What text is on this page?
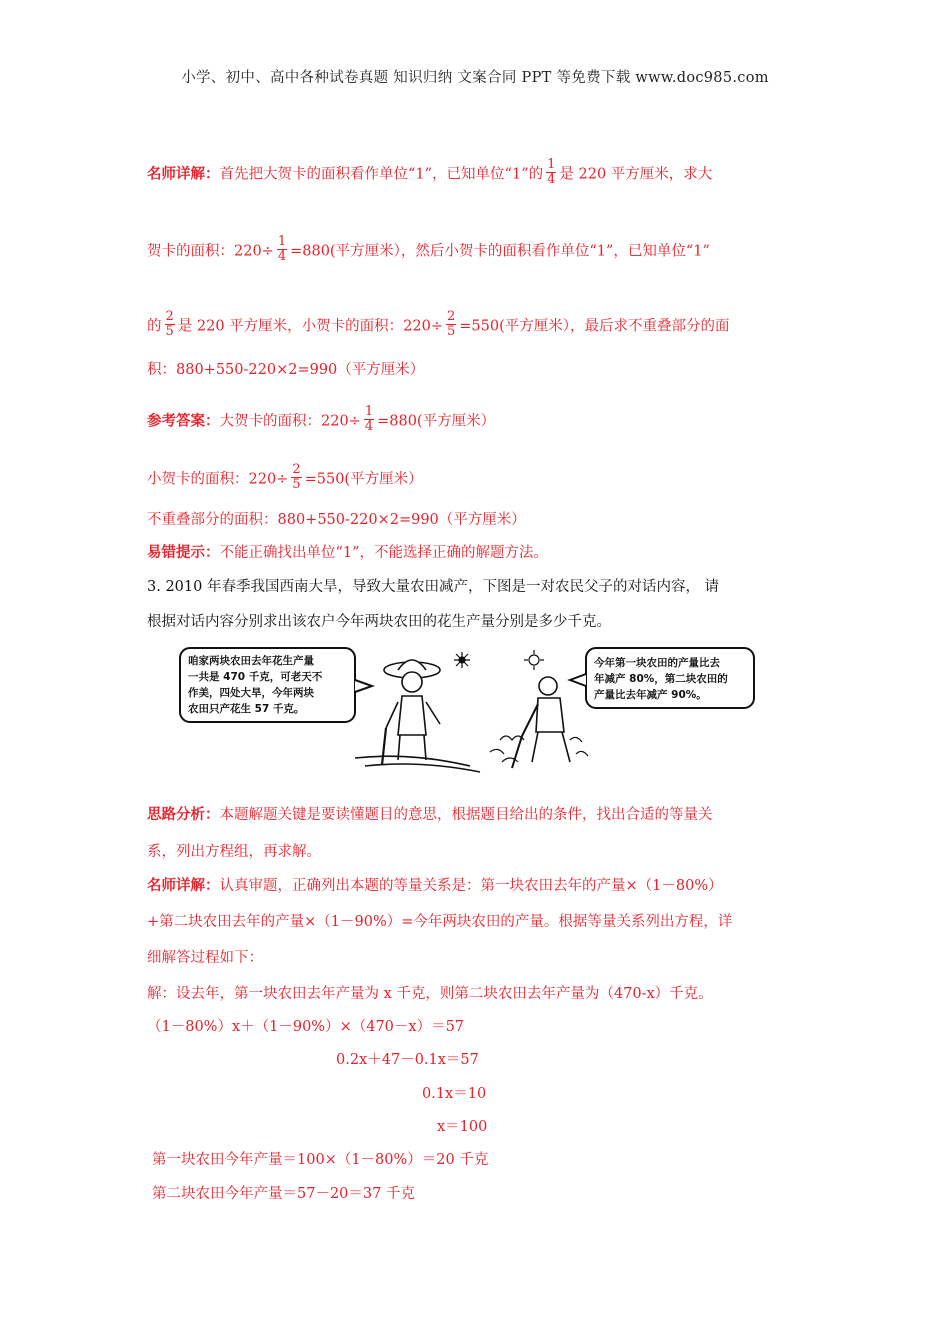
小学、初中、高中各种试卷真题 知识归纳 文案合同 PPT 等免费下载 www.doc985.com
名师详解：首先把大贺卡的面积看作单位“1”，已知单位“1”的 $\frac{1}{4}$ 是 220 平方厘米，求大
贺卡的面积：$220\div \frac{1}{4} =880$(平方厘米），然后小贺卡的面积看作单位“1”，已知单位“1”
的 $\frac{2}{5}$ 是 220 平方厘米，小贺卡的面积：$220\div \frac{2}{5} =550$(平方厘米），最后求不重叠部分的面
积：880+550-220×2=990（平方厘米）
参考答案：大贺卡的面积：$220\div \frac{1}{4} =880$(平方厘米）
小贺卡的面积：$220\div \frac{2}{5} =550$(平方厘米）
不重叠部分的面积：880+550-220×2=990（平方厘米）
易错提示：不能正确找出单位“1”，不能选择正确的解题方法。
3. 2010 年春季我国西南大旱，导致大量农田减产，下图是一对农民父子的对话内容， 请
根据对话内容分别求出该农户今年两块农田的花生产量分别是多少千克。
咱家两块农田去年花生产量 一共是 470 千克，可老天不 作美，四处大旱，今年两块 农田只产花生 57 千克。
今年第一块农田的产量比去 年减产 80%，第二块农田的 产量比去年减产 90%。
思路分析：本题解题关键是要读懂题目的意思，根据题目给出的条件，找出合适的等量关
系，列出方程组，再求解。
名师详解：认真审题，正确列出本题的等量关系是：第一块农田去年的产量×（1－80%）
+第二块农田去年的产量×（1－90%）=今年两块农田的产量。根据等量关系列出方程，详
细解答过程如下：
解：设去年，第一块农田去年产量为 x 千克，则第二块农田去年产量为（470-x）千克。
（1－80%）x＋（1－90%）×（470－x）＝57
0.2x＋47－0.1x＝57
0.1x＝10
x＝100
第一块农田今年产量＝100×（1－80%）＝20 千克
第二块农田今年产量＝57－20＝37 千克
